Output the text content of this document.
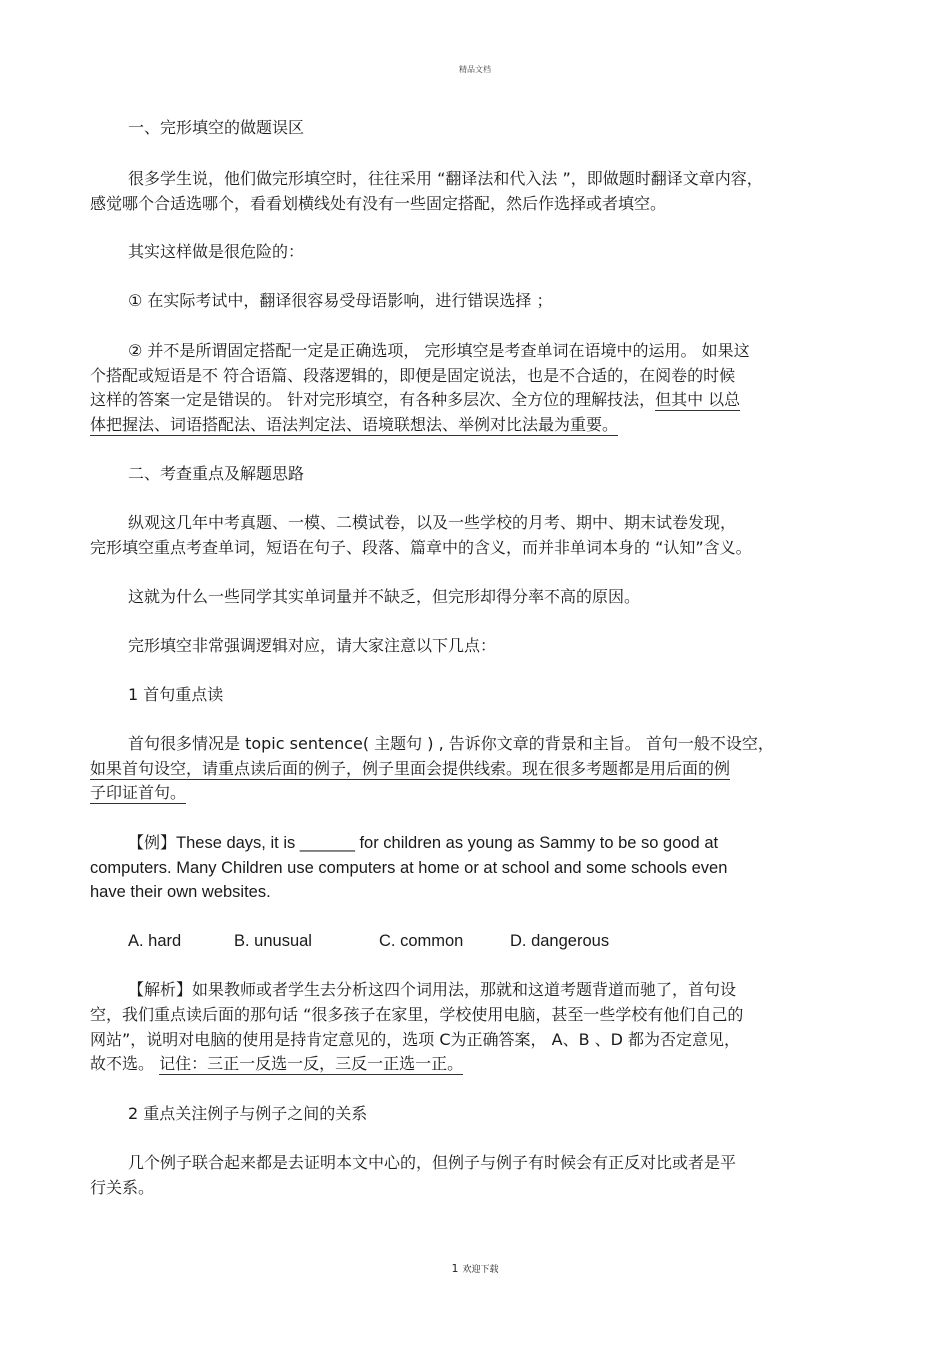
精品文档
一、完形填空的做题误区
很多学生说，他们做完形填空时，往往采用 “翻译法和代入法 ”，即做题时翻译文章内容，
感觉哪个合适选哪个，看看划横线处有没有一些固定搭配，然后作选择或者填空。
其实这样做是很危险的：
① 在实际考试中，翻译很容易受母语影响，进行错误选择 ；
② 并不是所谓固定搭配一定是正确选项， 完形填空是考查单词在语境中的运用。 如果这
个搭配或短语是不 符合语篇、段落逻辑的，即便是固定说法，也是不合适的，在阅卷的时候
这样的答案一定是错误的。 针对完形填空，有各种多层次、全方位的理解技法，但其中 以总
体把握法、词语搭配法、语法判定法、语境联想法、举例对比法最为重要。
二、考查重点及解题思路
纵观这几年中考真题、一模、二模试卷，以及一些学校的月考、期中、期末试卷发现，
完形填空重点考查单词，短语在句子、段落、篇章中的含义，而并非单词本身的 “认知”含义。
这就为什么一些同学其实单词量并不缺乏，但完形却得分率不高的原因。
完形填空非常强调逻辑对应，请大家注意以下几点：
1 首句重点读
首句很多情况是 topic sentence( 主题句 ) , 告诉你文章的背景和主旨。 首句一般不设空，
如果首句设空，请重点读后面的例子，例子里面会提供线索。现在很多考题都是用后面的例
子印证首句。
【例】These days, it is ______ for children as young as Sammy to be so good at
computers. Many Children use computers at home or at school and some schools even
have their own websites.
A. hard	B. unusual	C. common	D. dangerous
【解析】如果教师或者学生去分析这四个词用法，那就和这道考题背道而驰了，首句设
空，我们重点读后面的那句话 “很多孩子在家里，学校使用电脑，甚至一些学校有他们自己的
网站”，说明对电脑的使用是持肯定意见的，选项 C为正确答案， A、B 、D 都为否定意见，
故不选。 记住：三正一反选一反，三反一正选一正。
2 重点关注例子与例子之间的关系
几个例子联合起来都是去证明本文中心的，但例子与例子有时候会有正反对比或者是平
行关系。
1 欢迎下载
